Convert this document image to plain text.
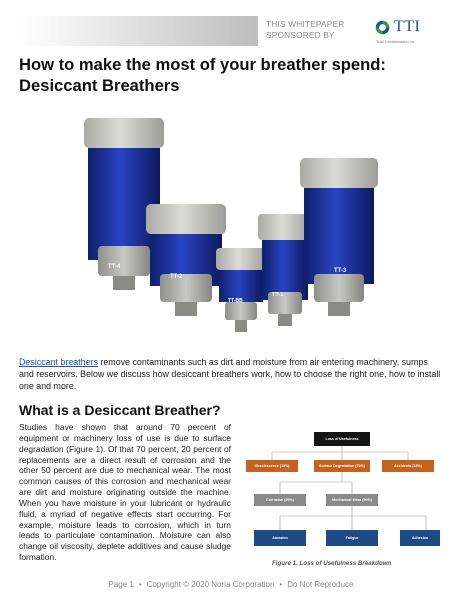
THIS WHITEPAPER
SPONSORED BY	TTI
Total Transformation Inc
How to make the most of your breather spend:
Desiccant Breathers
TT-4
TT-2
TT-BB
TT-1
TT-3

Desiccant breathers remove contaminants such as dirt and moisture from air entering machinery, sumps and reservoirs. Below we discuss how desiccant breathers work, how to choose the right one, how to install one and more.

What is a Desiccant Breather?

Studies have shown that around 70 percent of equipment or machinery loss of use is due to surface degradation (Figure 1). Of that 70 percent, 20 percent of replacements are a direct result of corrosion and the other 50 percent are due to mechanical wear. The most common causes of this corrosion and mechanical wear are dirt and moisture originating outside the machine. When you have moisture in your lubricant or hydraulic fluid, a myriad of negative effects start occurring. For example, moisture leads to corrosion, which in turn leads to particulate contamination. Moisture can also change oil viscosity, deplete additives and cause sludge formation.

Loss of Usefulness
Obsolescence (15%)	Surface Degradation (70%)	Accidents (15%)
Corrosion (20%)	Mechanical Wear (50%)
Abrasion	Fatigue	Adhesion
Figure 1. Loss of Usefulness Breakdown
Page 1 • Copyright © 2020 Noria Corporation • Do Not Reproduce
